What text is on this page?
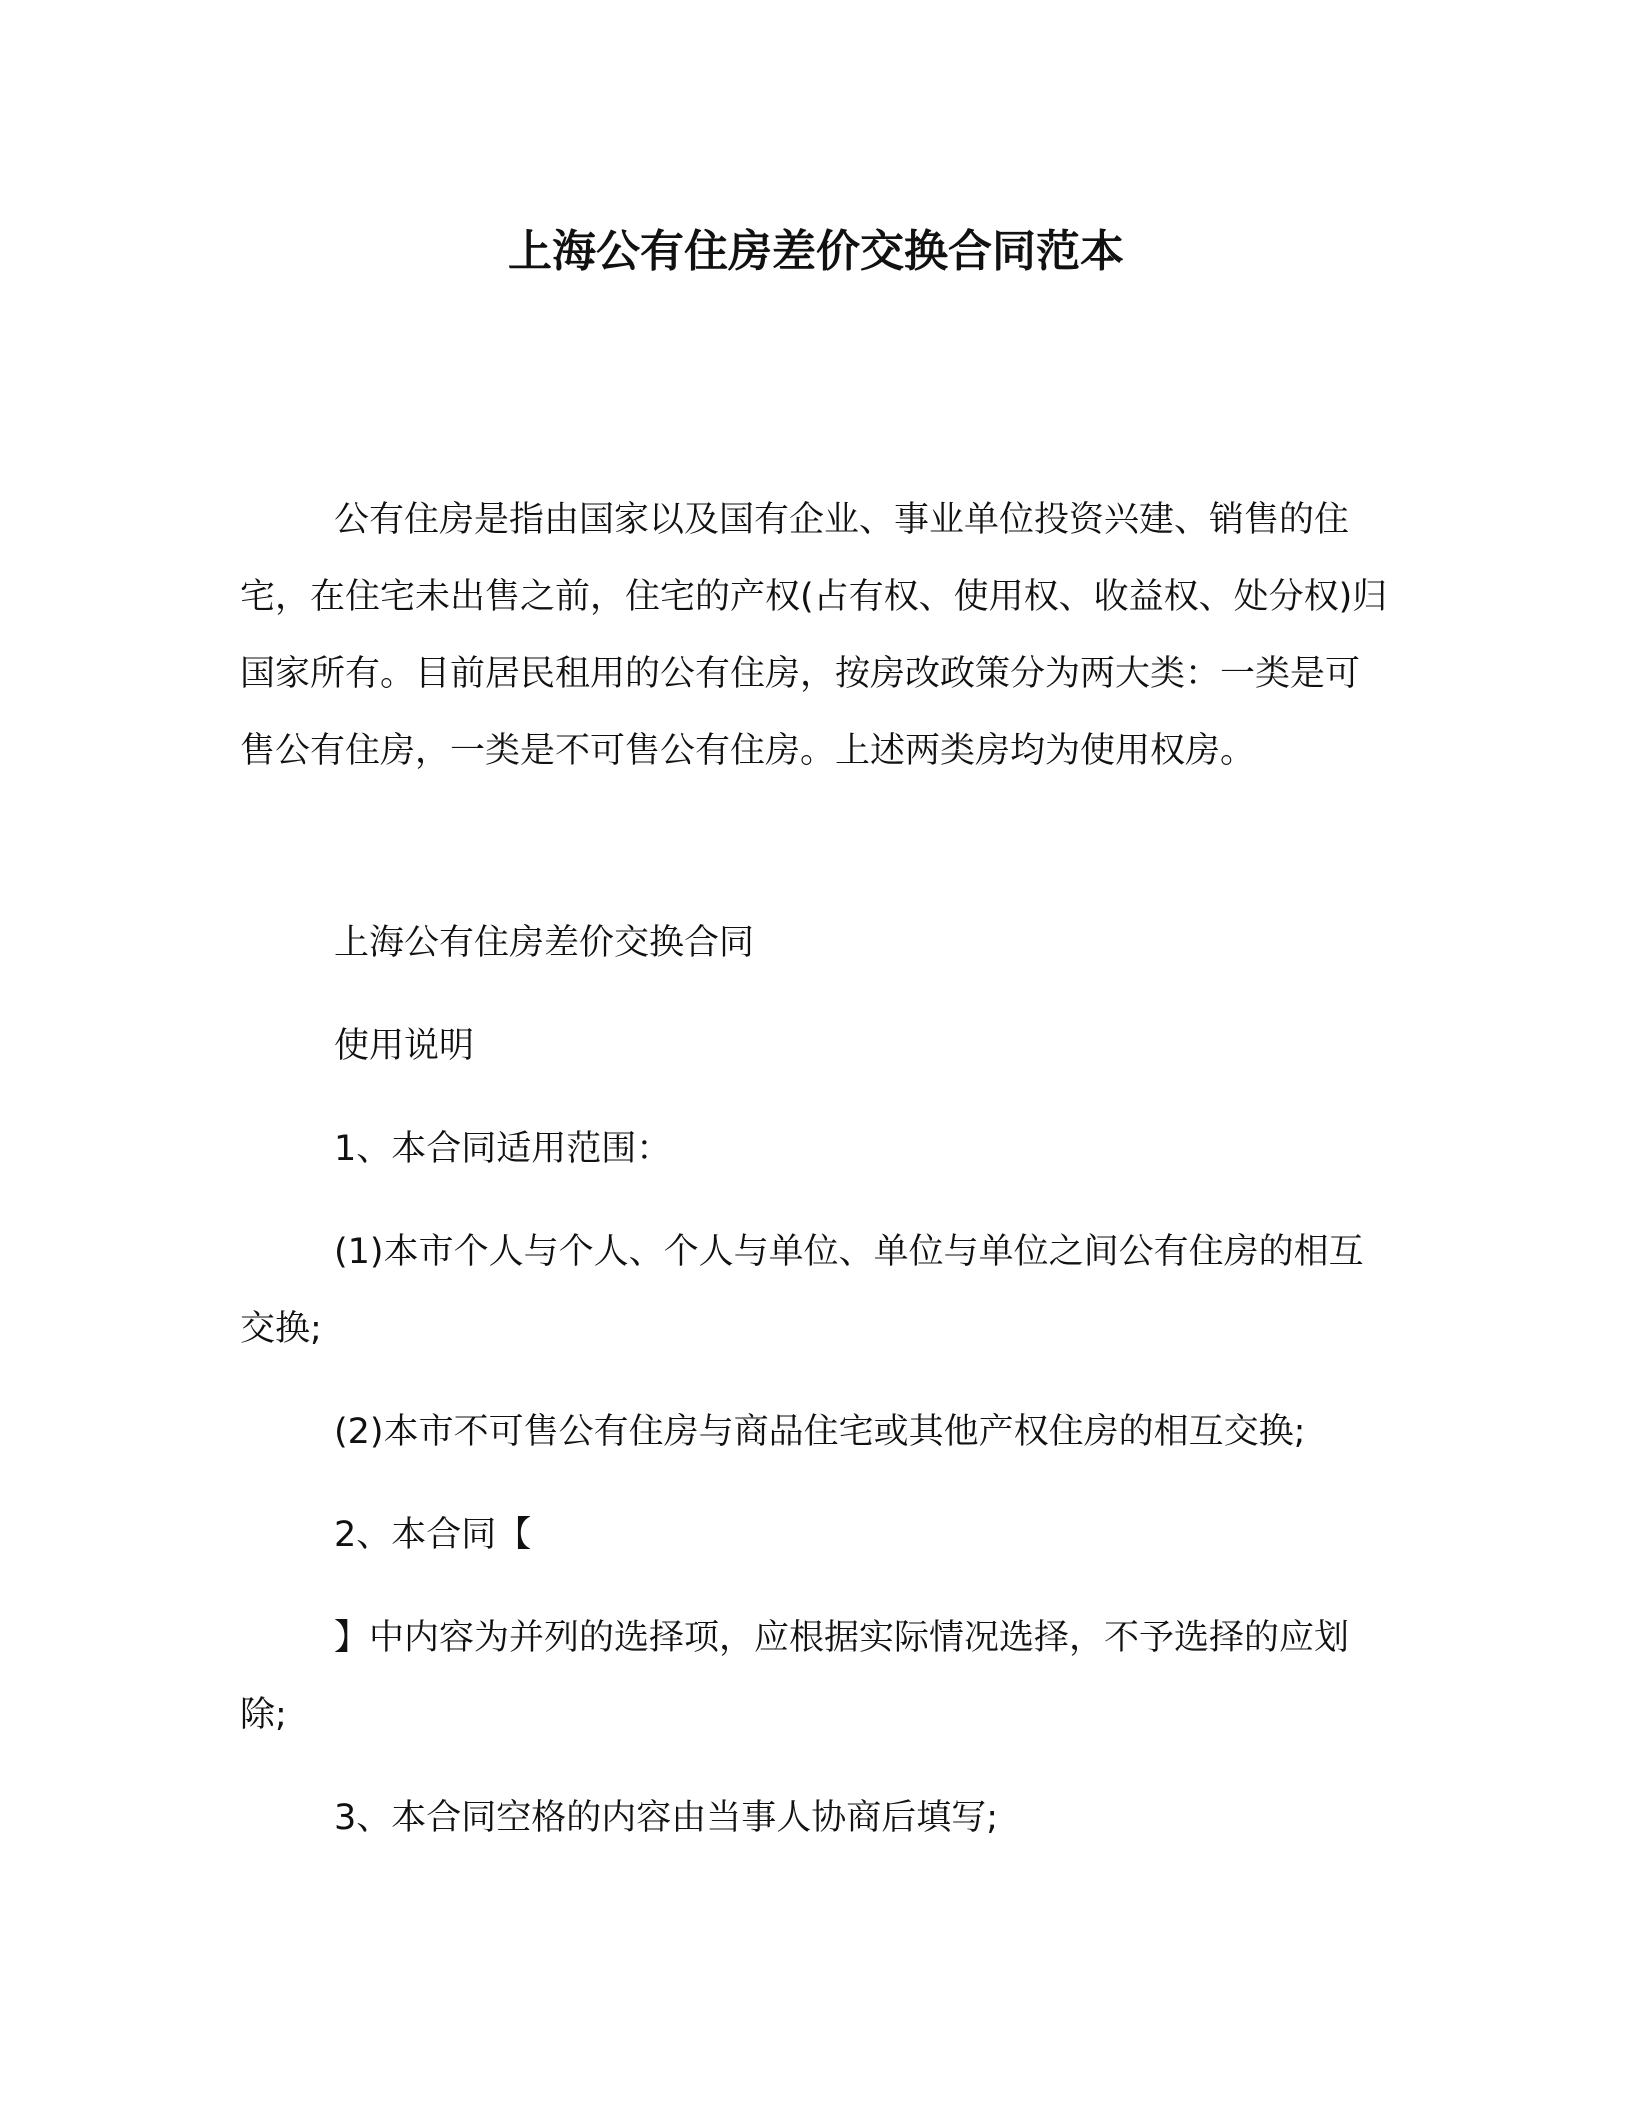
上海公有住房差价交换合同范本

公有住房是指由国家以及国有企业、事业单位投资兴建、销售的住宅，在住宅未出售之前，住宅的产权(占有权、使用权、收益权、处分权)归国家所有。目前居民租用的公有住房，按房改政策分为两大类：一类是可售公有住房，一类是不可售公有住房。上述两类房均为使用权房。

上海公有住房差价交换合同
使用说明
1、本合同适用范围：
(1)本市个人与个人、个人与单位、单位与单位之间公有住房的相互交换;
(2)本市不可售公有住房与商品住宅或其他产权住房的相互交换;
2、本合同【
】中内容为并列的选择项，应根据实际情况选择，不予选择的应划除;
3、本合同空格的内容由当事人协商后填写;
